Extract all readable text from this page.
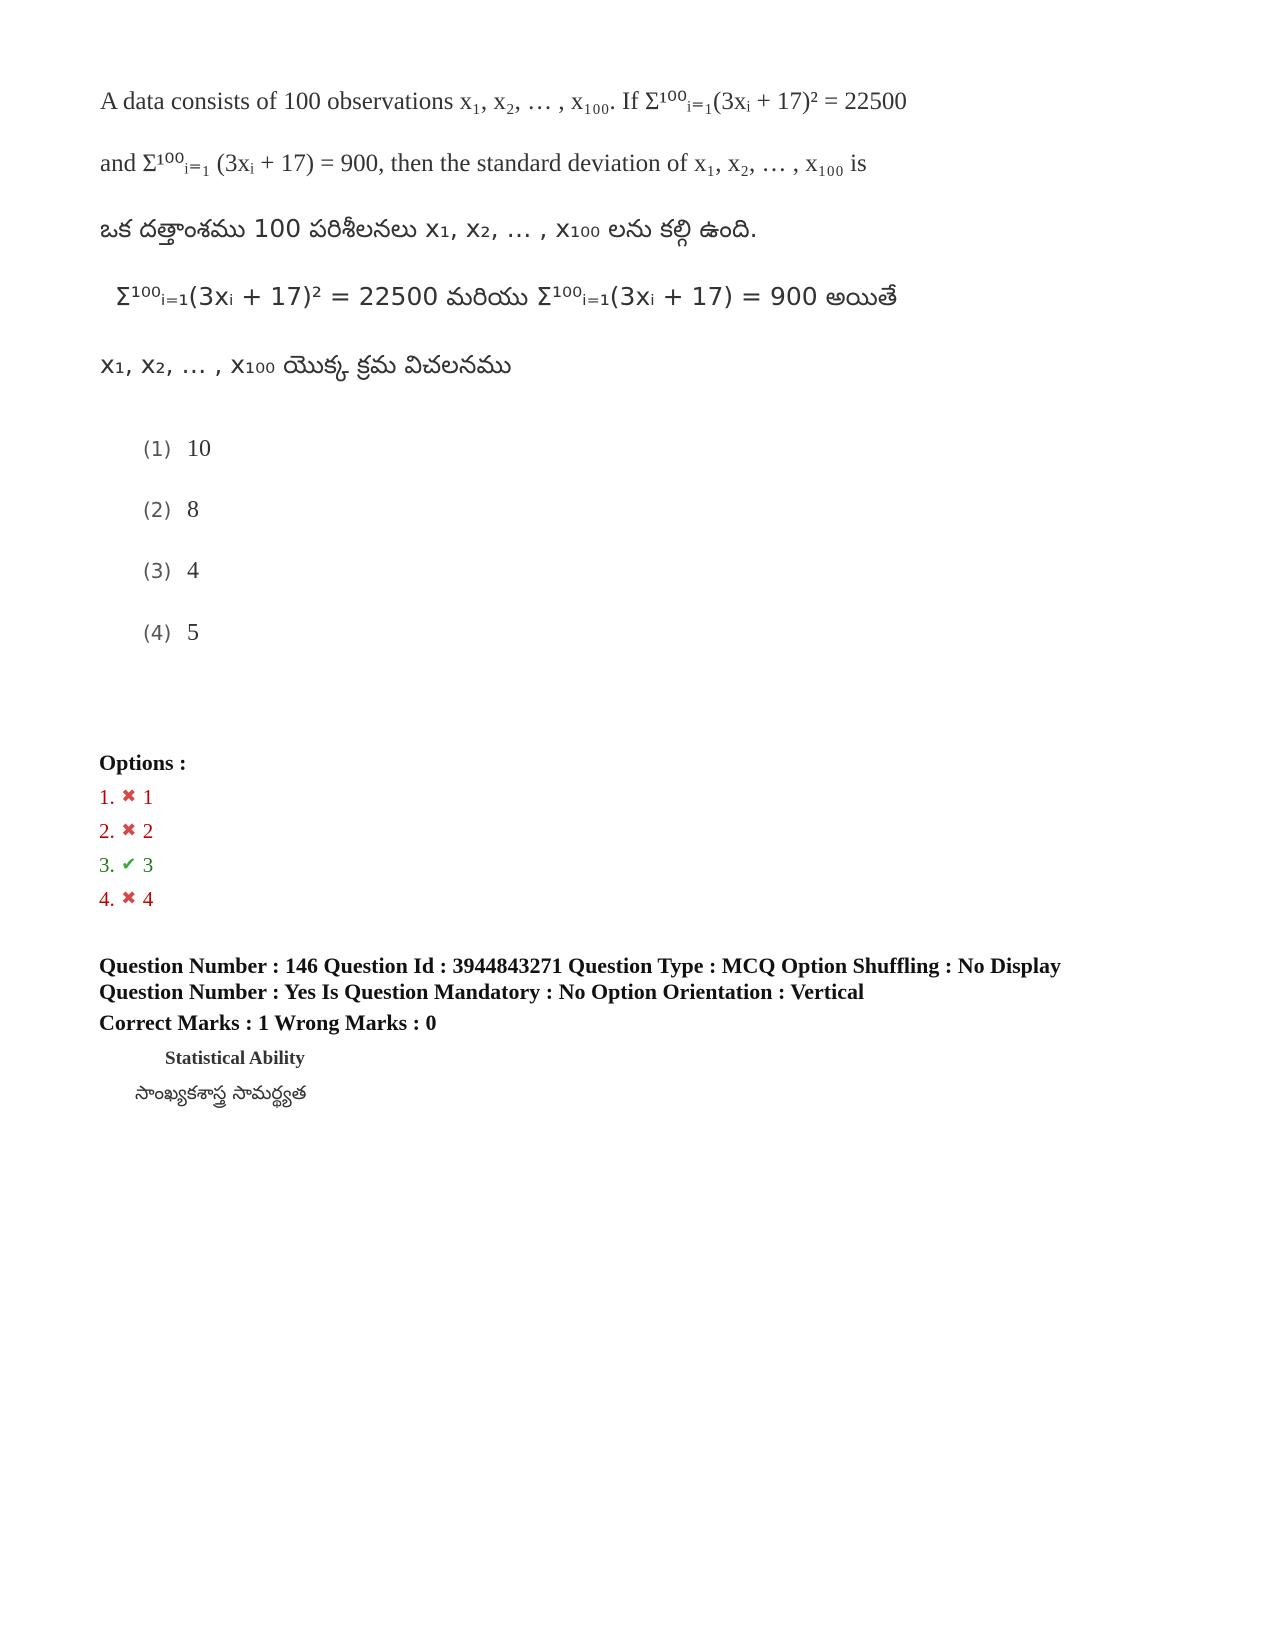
A data consists of 100 observations x₁, x₂, … , x₁₀₀. If Σ¹⁰⁰ᵢ₌₁(3xᵢ + 17)² = 22500
and Σ¹⁰⁰ᵢ₌₁ (3xᵢ + 17) = 900, then the standard deviation of x₁, x₂, … , x₁₀₀ is
ఒక దత్తాంశము 100 పరిశీలనలు x₁, x₂, … , x₁₀₀ లను కల్గి ఉంది.
Σ¹⁰⁰ᵢ₌₁(3xᵢ + 17)² = 22500 మరియు Σ¹⁰⁰ᵢ₌₁(3xᵢ + 17) = 900 అయితే
x₁, x₂, … , x₁₀₀ యొక్క క్రమ విచలనము
(1) 10
(2) 8
(3) 4
(4) 5
Options :
1. ✖ 1
2. ✖ 2
3. ✔ 3
4. ✖ 4
Question Number : 146 Question Id : 3944843271 Question Type : MCQ Option Shuffling : No Display
Question Number : Yes Is Question Mandatory : No Option Orientation : Vertical
Correct Marks : 1 Wrong Marks : 0
Statistical Ability
సాంఖ్యకశాస్త్ర సామర్థ్యత
